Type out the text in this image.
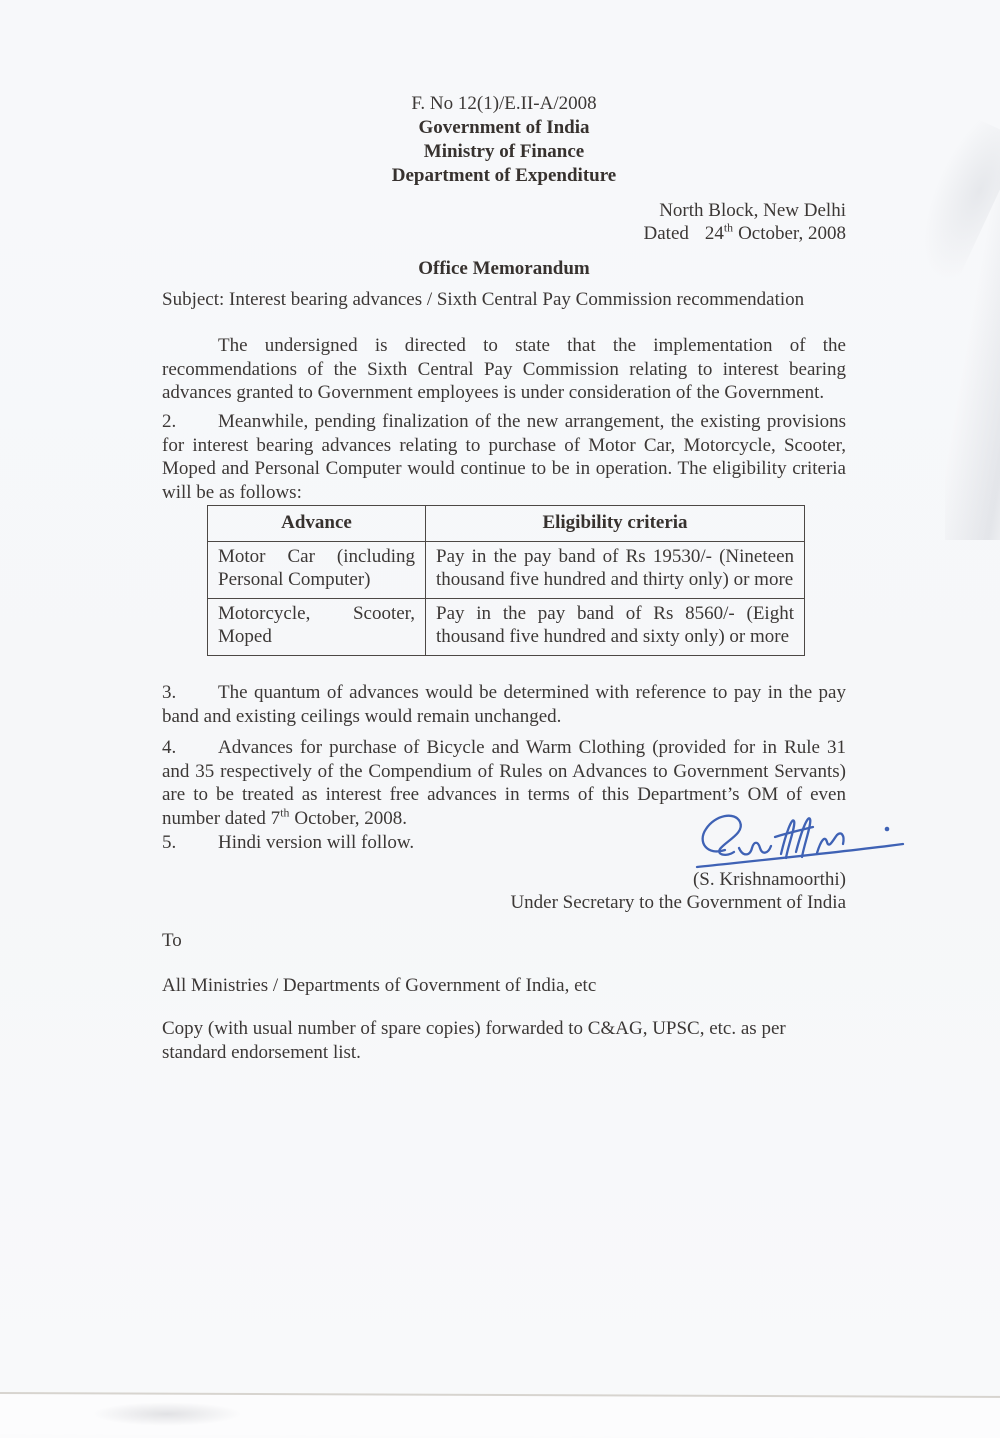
F. No 12(1)/E.II-A/2008
Government of India
Ministry of Finance
Department of Expenditure
North Block, New Delhi
Dated 24th October, 2008
Office Memorandum
Subject: Interest bearing advances / Sixth Central Pay Commission recommendation
The undersigned is directed to state that the implementation of the recommendations of the Sixth Central Pay Commission relating to interest bearing advances granted to Government employees is under consideration of the Government.
2. Meanwhile, pending finalization of the new arrangement, the existing provisions for interest bearing advances relating to purchase of Motor Car, Motorcycle, Scooter, Moped and Personal Computer would continue to be in operation. The eligibility criteria will be as follows:
Advance	Eligibility criteria
Motor Car (including Personal Computer)	Pay in the pay band of Rs 19530/- (Nineteen thousand five hundred and thirty only) or more
Motorcycle, Scooter, Moped	Pay in the pay band of Rs 8560/- (Eight thousand five hundred and sixty only) or more
3. The quantum of advances would be determined with reference to pay in the pay band and existing ceilings would remain unchanged.
4. Advances for purchase of Bicycle and Warm Clothing (provided for in Rule 31 and 35 respectively of the Compendium of Rules on Advances to Government Servants) are to be treated as interest free advances in terms of this Department’s OM of even number dated 7th October, 2008.
5. Hindi version will follow.
(S. Krishnamoorthi)
Under Secretary to the Government of India
To
All Ministries / Departments of Government of India, etc
Copy (with usual number of spare copies) forwarded to C&AG, UPSC, etc. as per standard endorsement list.
